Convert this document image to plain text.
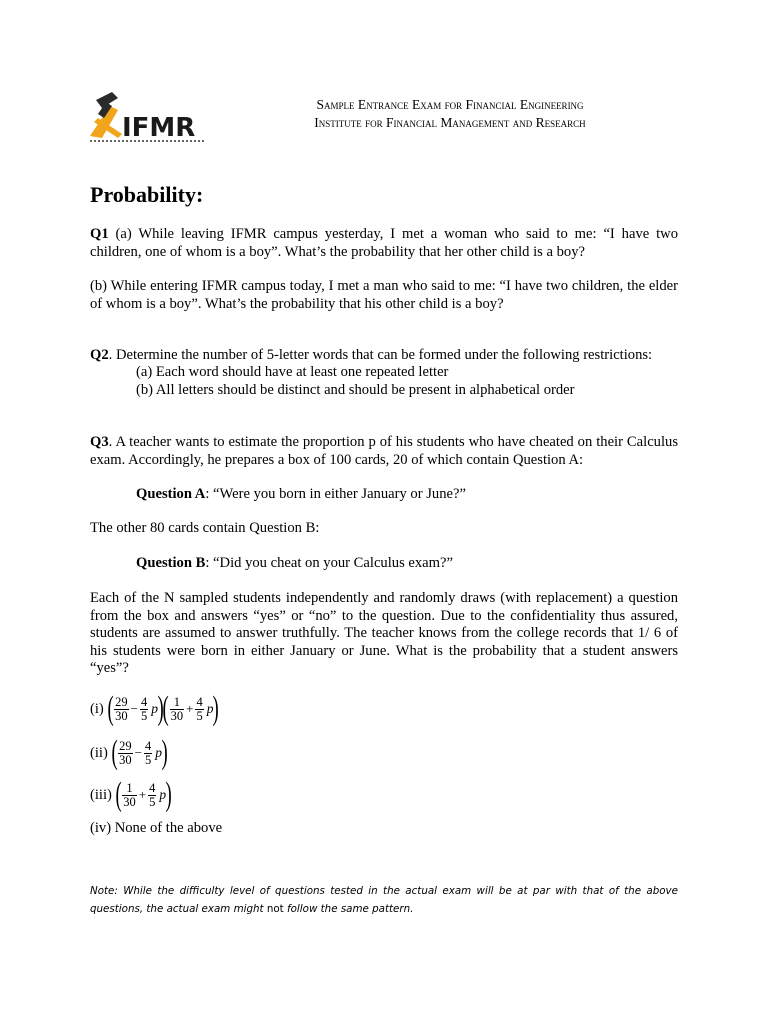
IFMR
Sample Entrance Exam for Financial Engineering
Institute for Financial Management and Research
Probability:
Q1 (a) While leaving IFMR campus yesterday, I met a woman who said to me: “I have two children, one of whom is a boy”. What’s the probability that her other child is a boy?
(b) While entering IFMR campus today, I met a man who said to me: “I have two children, the elder of whom is a boy”. What’s the probability that his other child is a boy?
Q2. Determine the number of 5-letter words that can be formed under the following restrictions:
(a) Each word should have at least one repeated letter
(b) All letters should be distinct and should be present in alphabetical order
Q3. A teacher wants to estimate the proportion p of his students who have cheated on their Calculus exam. Accordingly, he prepares a box of 100 cards, 20 of which contain Question A:
Question A: “Were you born in either January or June?”
The other 80 cards contain Question B:
Question B: “Did you cheat on your Calculus exam?”
Each of the N sampled students independently and randomly draws (with replacement) a question from the box and answers “yes” or “no” to the question. Due to the confidentiality thus assured, students are assumed to answer truthfully. The teacher knows from the college records that 1/ 6 of his students were born in either January or June. What is the probability that a student answers “yes”?
(i) ( $\frac{29}{30} - \frac{4}{5}$ p ) ( $\frac{1}{30} + \frac{4}{5}$ p )
(ii) ( $\frac{29}{30} - \frac{4}{5}$ p )
(iii) ( $\frac{1}{30} + \frac{4}{5}$ p )
(iv) None of the above
Note: While the difficulty level of questions tested in the actual exam will be at par with that of the above questions, the actual exam might not follow the same pattern.
